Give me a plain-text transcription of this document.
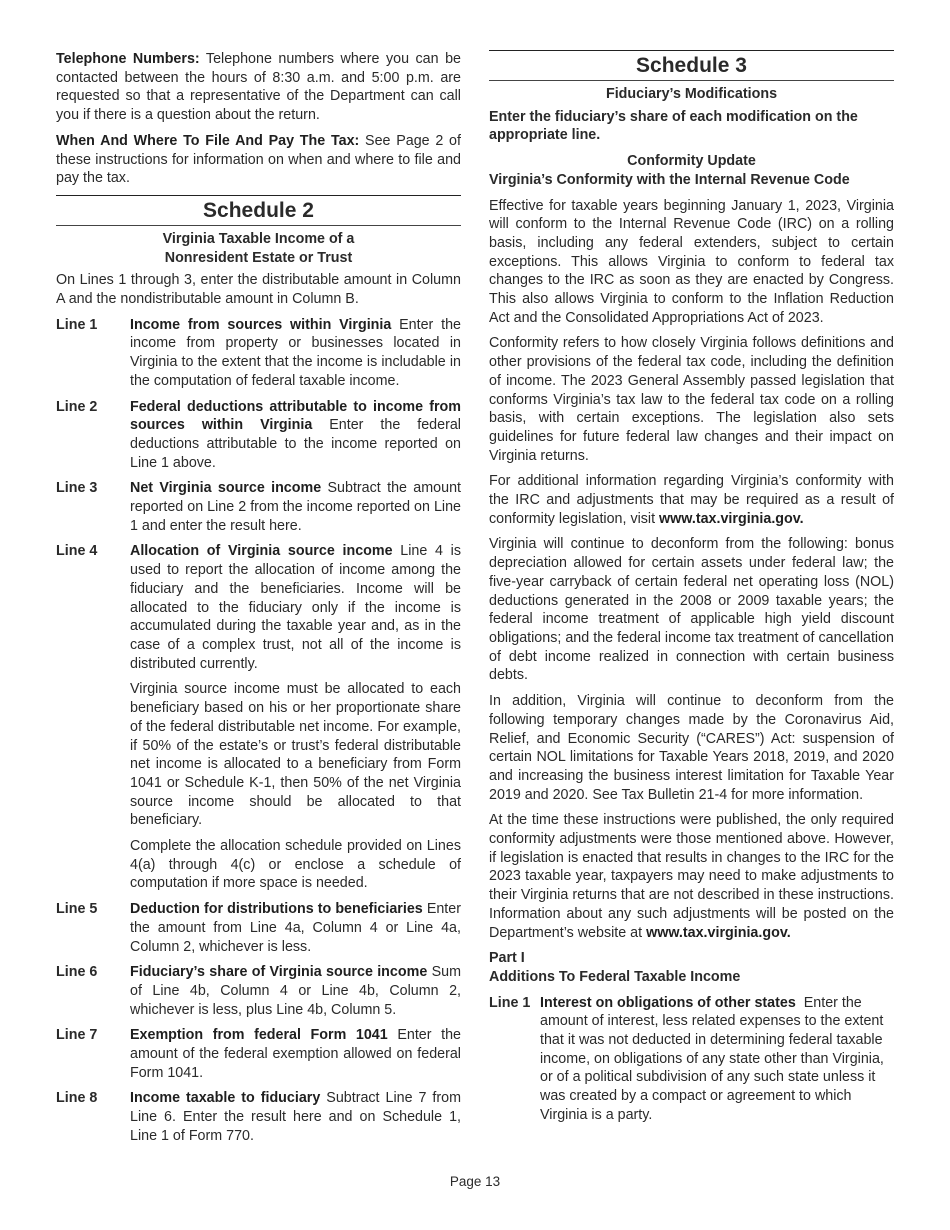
Telephone Numbers: Telephone numbers where you can be contacted between the hours of 8:30 a.m. and 5:00 p.m. are requested so that a representative of the Department can call you if there is a question about the return.

When And Where To File And Pay The Tax: See Page 2 of these instructions for information on when and where to file and pay the tax.

Schedule 2
Virginia Taxable Income of a
Nonresident Estate or Trust

On Lines 1 through 3, enter the distributable amount in Column A and the nondistributable amount in Column B.

Line 1	Income from sources within Virginia Enter the income from property or businesses located in Virginia to the extent that the income is includable in the computation of federal taxable income.
Line 2	Federal deductions attributable to income from sources within Virginia Enter the federal deductions attributable to the income reported on Line 1 above.
Line 3	Net Virginia source income Subtract the amount reported on Line 2 from the income reported on Line 1 and enter the result here.
Line 4	Allocation of Virginia source income Line 4 is used to report the allocation of income among the fiduciary and the beneficiaries. Income will be allocated to the fiduciary only if the income is accumulated during the taxable year and, as in the case of a complex trust, not all of the income is distributed currently.

Virginia source income must be allocated to each beneficiary based on his or her proportionate share of the federal distributable net income. For example, if 50% of the estate’s or trust’s federal distributable net income is allocated to a beneficiary from Form 1041 or Schedule K-1, then 50% of the net Virginia source income should be allocated to that beneficiary.

Complete the allocation schedule provided on Lines 4(a) through 4(c) or enclose a schedule of computation if more space is needed.

Line 5	Deduction for distributions to beneficiaries Enter the amount from Line 4a, Column 4 or Line 4a, Column 2, whichever is less.
Line 6	Fiduciary’s share of Virginia source income Sum of Line 4b, Column 4 or Line 4b, Column 2, whichever is less, plus Line 4b, Column 5.
Line 7	Exemption from federal Form 1041 Enter the amount of the federal exemption allowed on federal Form 1041.
Line 8	Income taxable to fiduciary Subtract Line 7 from Line 6. Enter the result here and on Schedule 1, Line 1 of Form 770.
Schedule 3
Fiduciary’s Modifications

Enter the fiduciary’s share of each modification on the appropriate line.

Conformity Update

Virginia’s Conformity with the Internal Revenue Code

Effective for taxable years beginning January 1, 2023, Virginia will conform to the Internal Revenue Code (IRC) on a rolling basis, including any federal extenders, subject to certain exceptions. This allows Virginia to conform to federal tax changes to the IRC as soon as they are enacted by Congress. This also allows Virginia to conform to the Inflation Reduction Act and the Consolidated Appropriations Act of 2023.

Conformity refers to how closely Virginia follows definitions and other provisions of the federal tax code, including the definition of income. The 2023 General Assembly passed legislation that conforms Virginia’s tax law to the federal tax code on a rolling basis, with certain exceptions. The legislation also sets guidelines for future federal law changes and their impact on Virginia returns.

For additional information regarding Virginia’s conformity with the IRC and adjustments that may be required as a result of conformity legislation, visit www.tax.virginia.gov.

Virginia will continue to deconform from the following: bonus depreciation allowed for certain assets under federal law; the five-year carryback of certain federal net operating loss (NOL) deductions generated in the 2008 or 2009 taxable years; the federal income treatment of applicable high yield discount obligations; and the federal income tax treatment of cancellation of debt income realized in connection with certain business debts.

In addition, Virginia will continue to deconform from the following temporary changes made by the Coronavirus Aid, Relief, and Economic Security (“CARES”) Act: suspension of certain NOL limitations for Taxable Years 2018, 2019, and 2020 and increasing the business interest limitation for Taxable Year 2019 and 2020. See Tax Bulletin 21-4 for more information.

At the time these instructions were published, the only required conformity adjustments were those mentioned above. However, if legislation is enacted that results in changes to the IRC for the 2023 taxable year, taxpayers may need to make adjustments to their Virginia returns that are not described in these instructions. Information about any such adjustments will be posted on the Department’s website at www.tax.virginia.gov.

Part I

Additions To Federal Taxable Income

Line 1 Interest on obligations of other states Enter the amount of interest, less related expenses to the extent that it was not deducted in determining federal taxable income, on obligations of any state other than Virginia, or of a political subdivision of any such state unless it was created by a compact or agreement to which Virginia is a party.
Page 13
